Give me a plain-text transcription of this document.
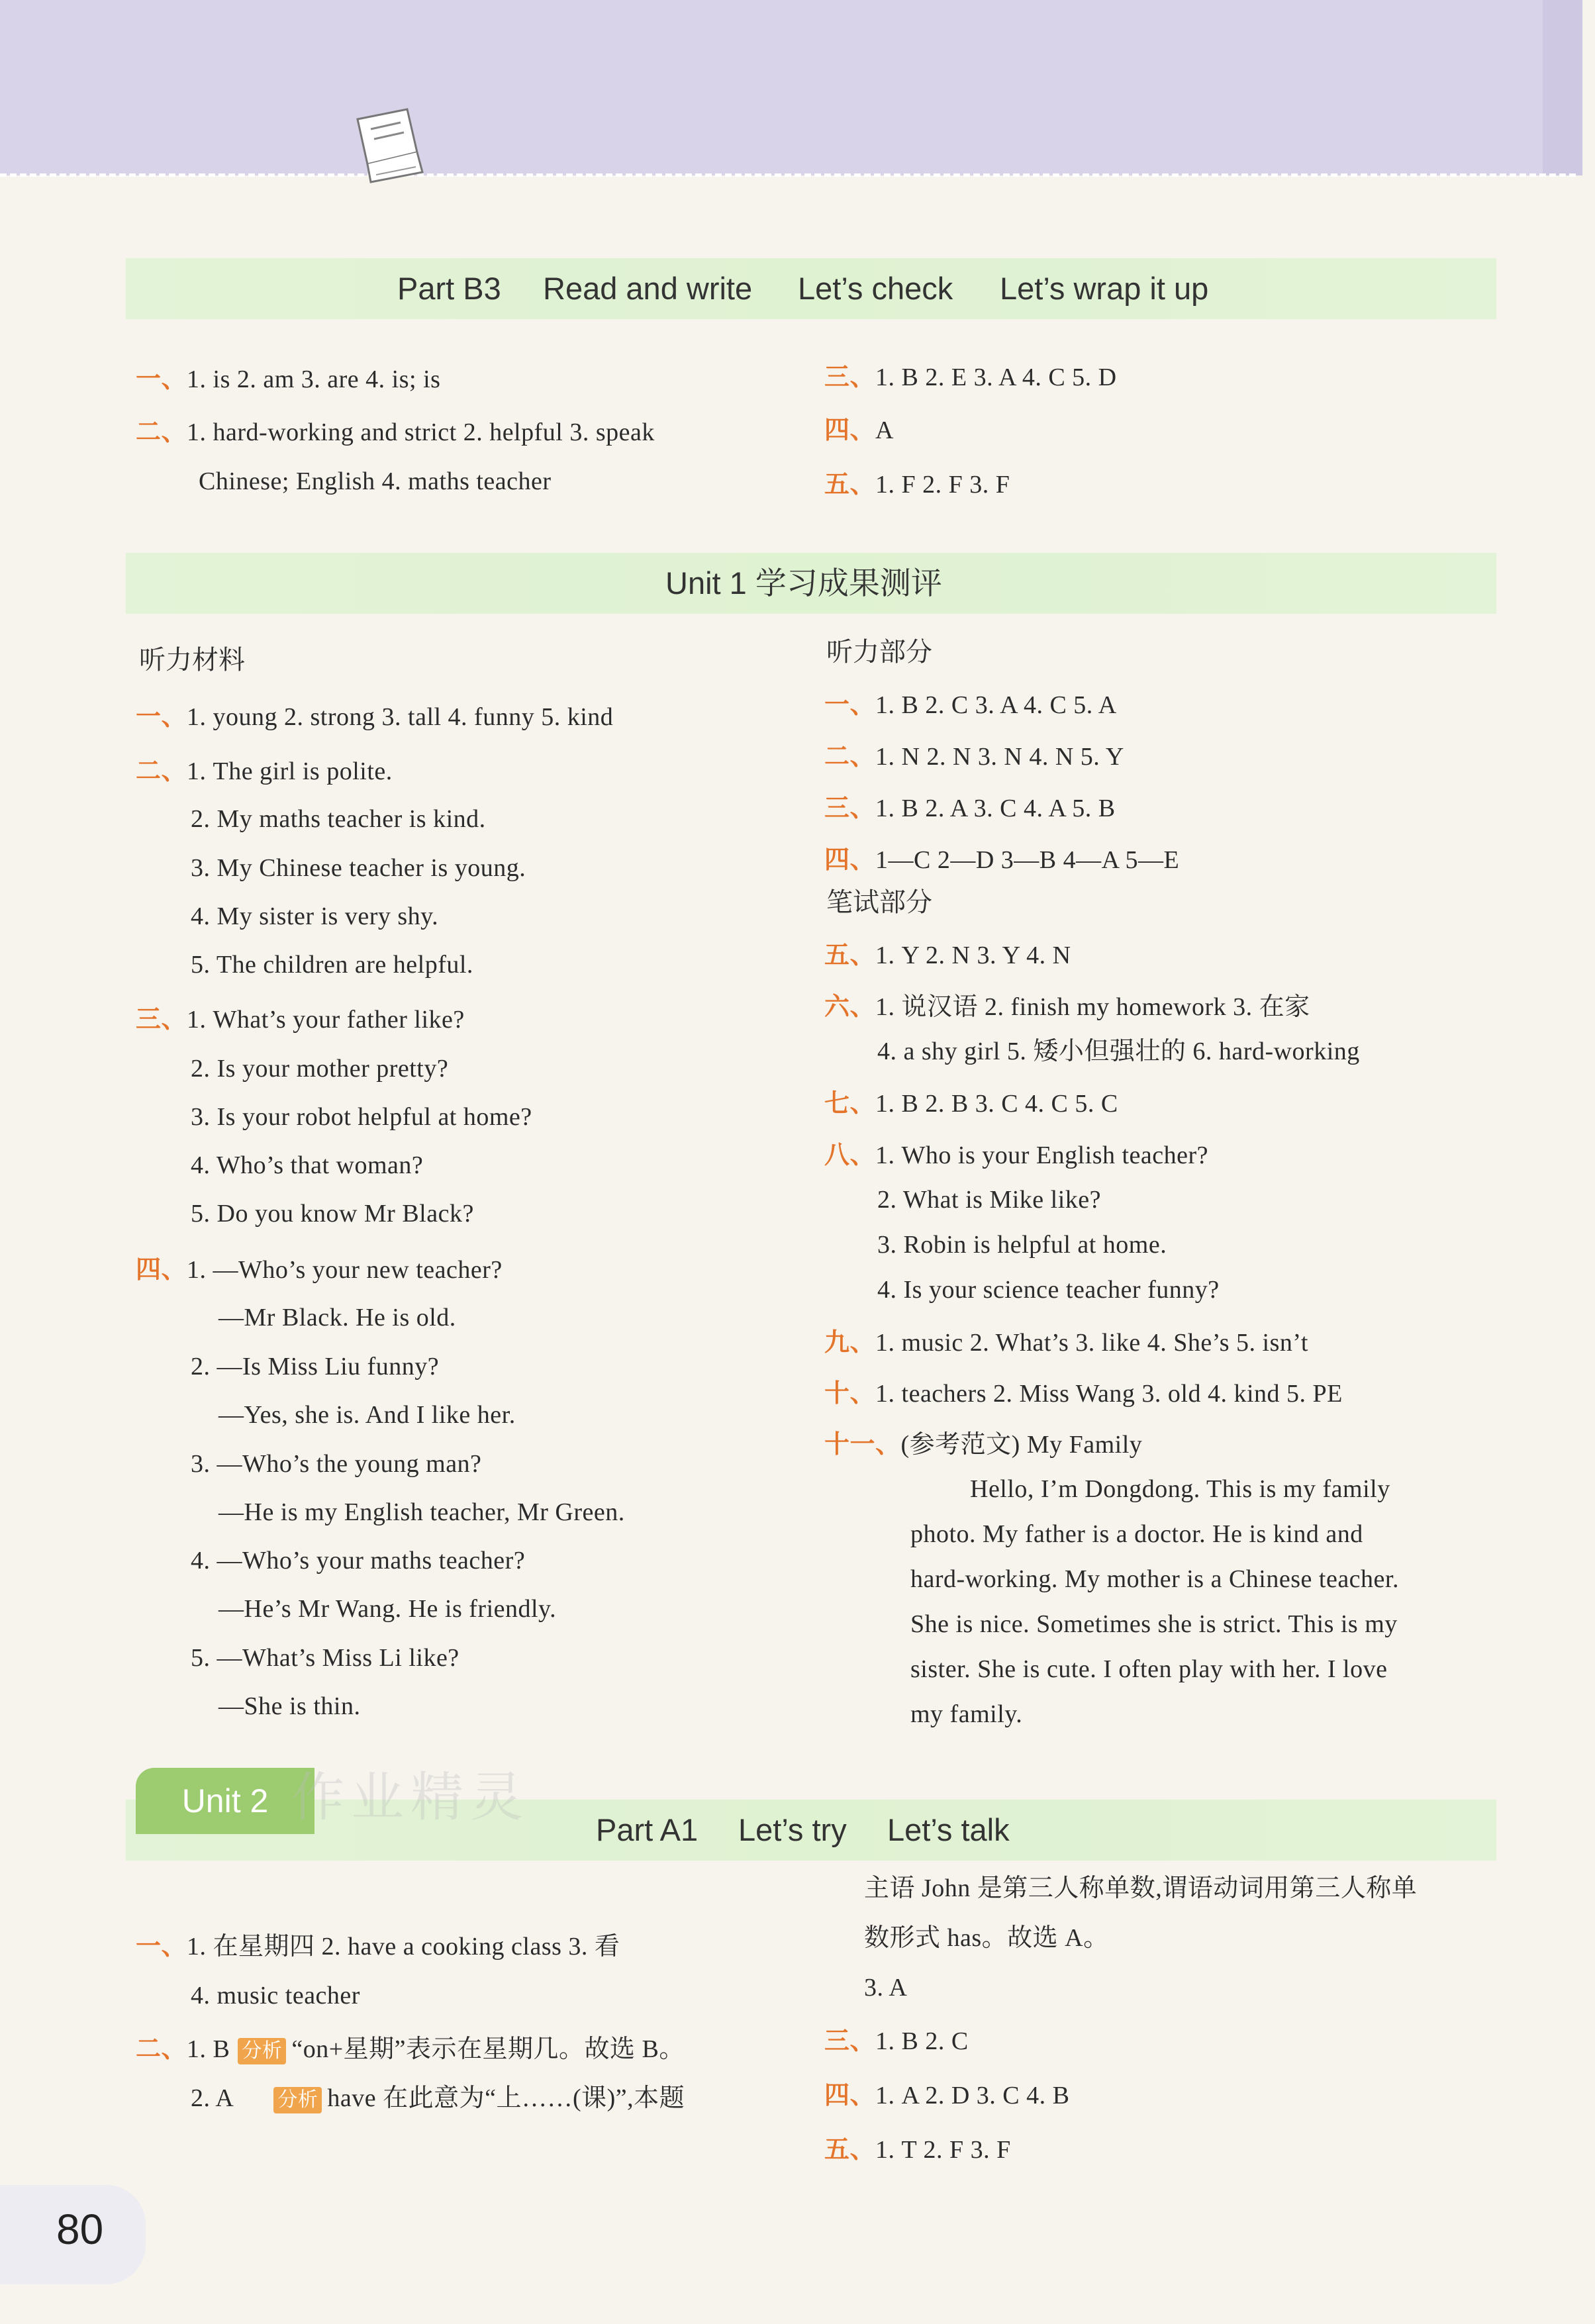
Part B3 Read and write Let’s check Let’s wrap it up
一、1. is 2. am 3. are 4. is; is
二、1. hard-working and strict 2. helpful 3. speak
Chinese; English 4. maths teacher
三、1. B 2. E 3. A 4. C 5. D
四、A
五、1. F 2. F 3. F
Unit 1 学习成果测评
听力材料
一、1. young 2. strong 3. tall 4. funny 5. kind
二、1. The girl is polite.
2. My maths teacher is kind.
3. My Chinese teacher is young.
4. My sister is very shy.
5. The children are helpful.
三、1. What’s your father like?
2. Is your mother pretty?
3. Is your robot helpful at home?
4. Who’s that woman?
5. Do you know Mr Black?
四、1. —Who’s your new teacher?
—Mr Black. He is old.
2. —Is Miss Liu funny?
—Yes, she is. And I like her.
3. —Who’s the young man?
—He is my English teacher, Mr Green.
4. —Who’s your maths teacher?
—He’s Mr Wang. He is friendly.
5. —What’s Miss Li like?
—She is thin.
听力部分
一、1. B 2. C 3. A 4. C 5. A
二、1. N 2. N 3. N 4. N 5. Y
三、1. B 2. A 3. C 4. A 5. B
四、1—C 2—D 3—B 4—A 5—E
笔试部分
五、1. Y 2. N 3. Y 4. N
六、1. 说汉语 2. finish my homework 3. 在家
4. a shy girl 5. 矮小但强壮的 6. hard-working
七、1. B 2. B 3. C 4. C 5. C
八、1. Who is your English teacher?
2. What is Mike like?
3. Robin is helpful at home.
4. Is your science teacher funny?
九、1. music 2. What’s 3. like 4. She’s 5. isn’t
十、1. teachers 2. Miss Wang 3. old 4. kind 5. PE
十一、(参考范文) My Family
Hello, I’m Dongdong. This is my family
photo. My father is a doctor. He is kind and
hard-working. My mother is a Chinese teacher.
She is nice. Sometimes she is strict. This is my
sister. She is cute. I often play with her. I love
my family.
Part A1 Let’s try Let’s talk
Unit 2 作业精灵
一、1. 在星期四 2. have a cooking class 3. 看
4. music teacher
二、1. B 分析 “on+星期”表示在星期几。故选 B。
2. A 分析 have 在此意为“上……(课)”,本题
主语 John 是第三人称单数,谓语动词用第三人称单
数形式 has。故选 A。
3. A
三、1. B 2. C
四、1. A 2. D 3. C 4. B
五、1. T 2. F 3. F
80
